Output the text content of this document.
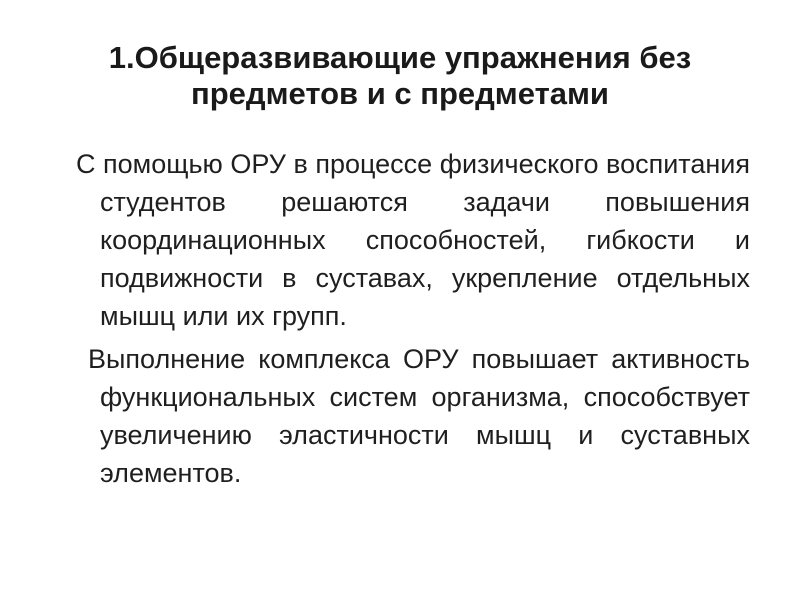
1.Общеразвивающие упражнения без предметов и с предметами

С помощью ОРУ в процессе физического воспитания студентов решаются задачи повышения координационных способностей, гибкости и подвижности в суставах, укрепление отдельных мышц или их групп.

Выполнение комплекса ОРУ повышает активность функциональных систем организма, способствует увеличению эластичности мышц и суставных элементов.
